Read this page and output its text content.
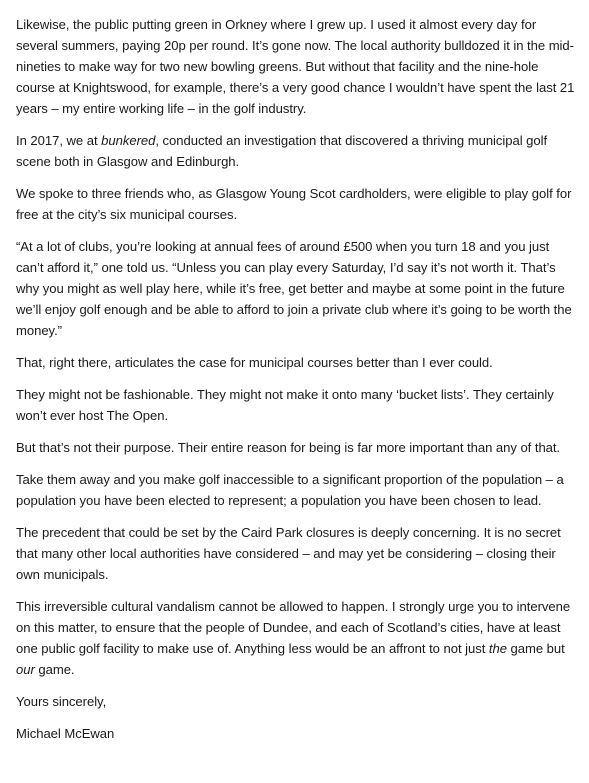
Likewise, the public putting green in Orkney where I grew up. I used it almost every day for several summers, paying 20p per round. It’s gone now. The local authority bulldozed it in the mid-nineties to make way for two new bowling greens. But without that facility and the nine-hole course at Knightswood, for example, there’s a very good chance I wouldn’t have spent the last 21 years – my entire working life – in the golf industry.

In 2017, we at bunkered, conducted an investigation that discovered a thriving municipal golf scene both in Glasgow and Edinburgh.

We spoke to three friends who, as Glasgow Young Scot cardholders, were eligible to play golf for free at the city’s six municipal courses.

“At a lot of clubs, you’re looking at annual fees of around £500 when you turn 18 and you just can’t afford it,” one told us. “Unless you can play every Saturday, I’d say it’s not worth it. That’s why you might as well play here, while it’s free, get better and maybe at some point in the future we’ll enjoy golf enough and be able to afford to join a private club where it’s going to be worth the money.”

That, right there, articulates the case for municipal courses better than I ever could.

They might not be fashionable. They might not make it onto many ‘bucket lists’. They certainly won’t ever host The Open.

But that’s not their purpose. Their entire reason for being is far more important than any of that.

Take them away and you make golf inaccessible to a significant proportion of the population – a population you have been elected to represent; a population you have been chosen to lead.

The precedent that could be set by the Caird Park closures is deeply concerning. It is no secret that many other local authorities have considered – and may yet be considering – closing their own municipals.

This irreversible cultural vandalism cannot be allowed to happen. I strongly urge you to intervene on this matter, to ensure that the people of Dundee, and each of Scotland’s cities, have at least one public golf facility to make use of. Anything less would be an affront to not just the game but our game.

Yours sincerely,

Michael McEwan
